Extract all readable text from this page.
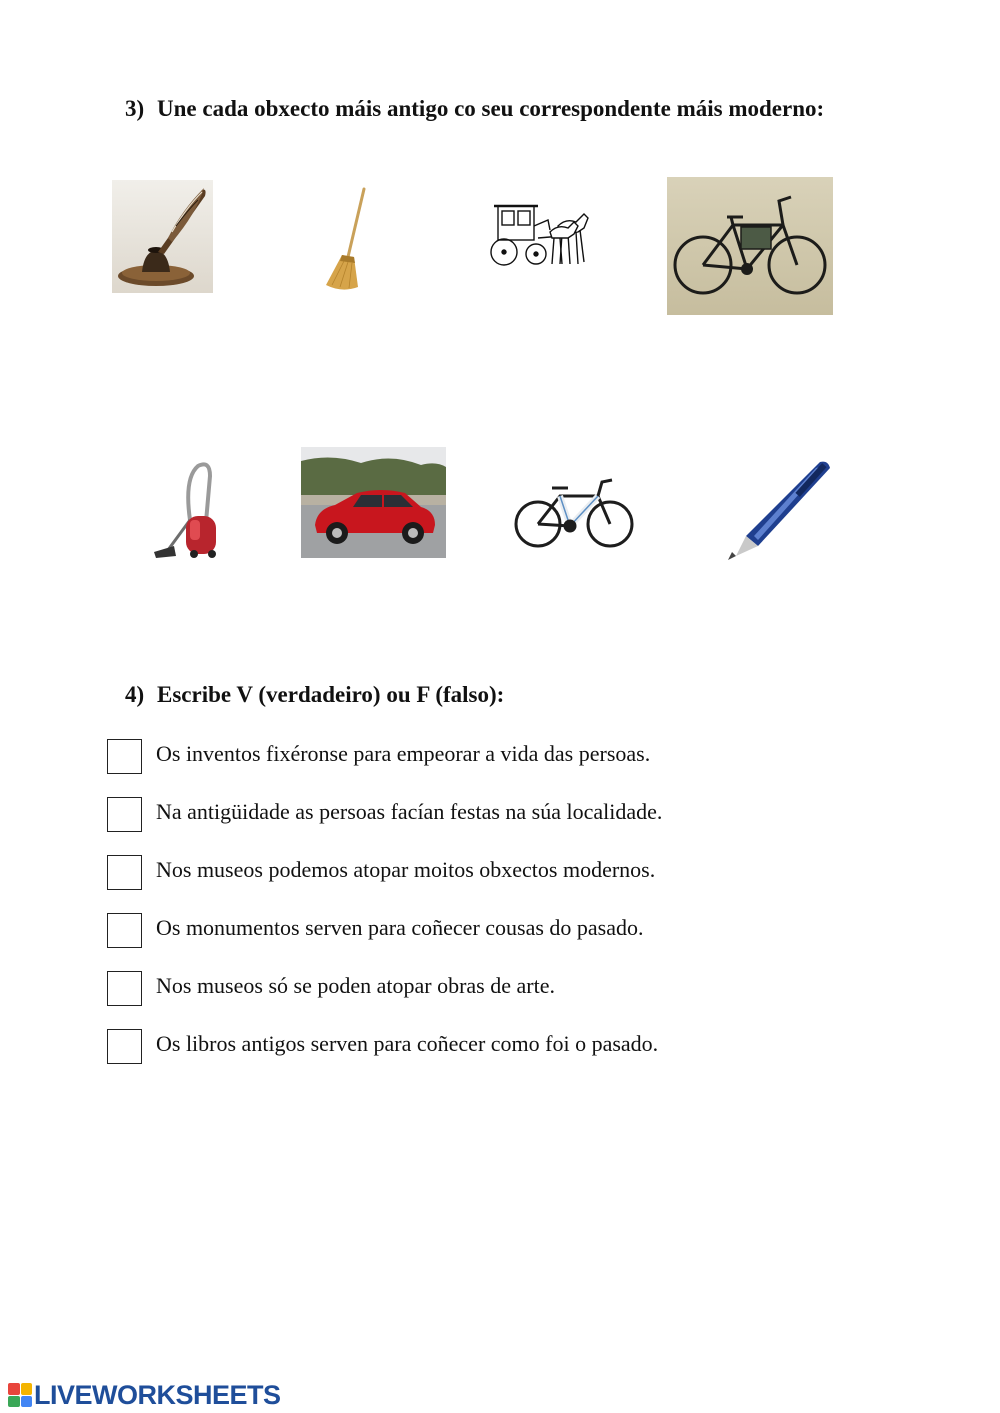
3) Une cada obxecto máis antigo co seu correspondente máis moderno:
4) Escribe V (verdadeiro) ou F (falso):
Os inventos fixéronse para empeorar a vida das persoas.
Na antigüidade as persoas facían festas na súa localidade.
Nos museos podemos atopar moitos obxectos modernos.
Os monumentos serven para coñecer cousas do pasado.
Nos museos só se poden atopar obras de arte.
Os libros antigos serven para coñecer como foi o pasado.
LIVEWORKSHEETS
